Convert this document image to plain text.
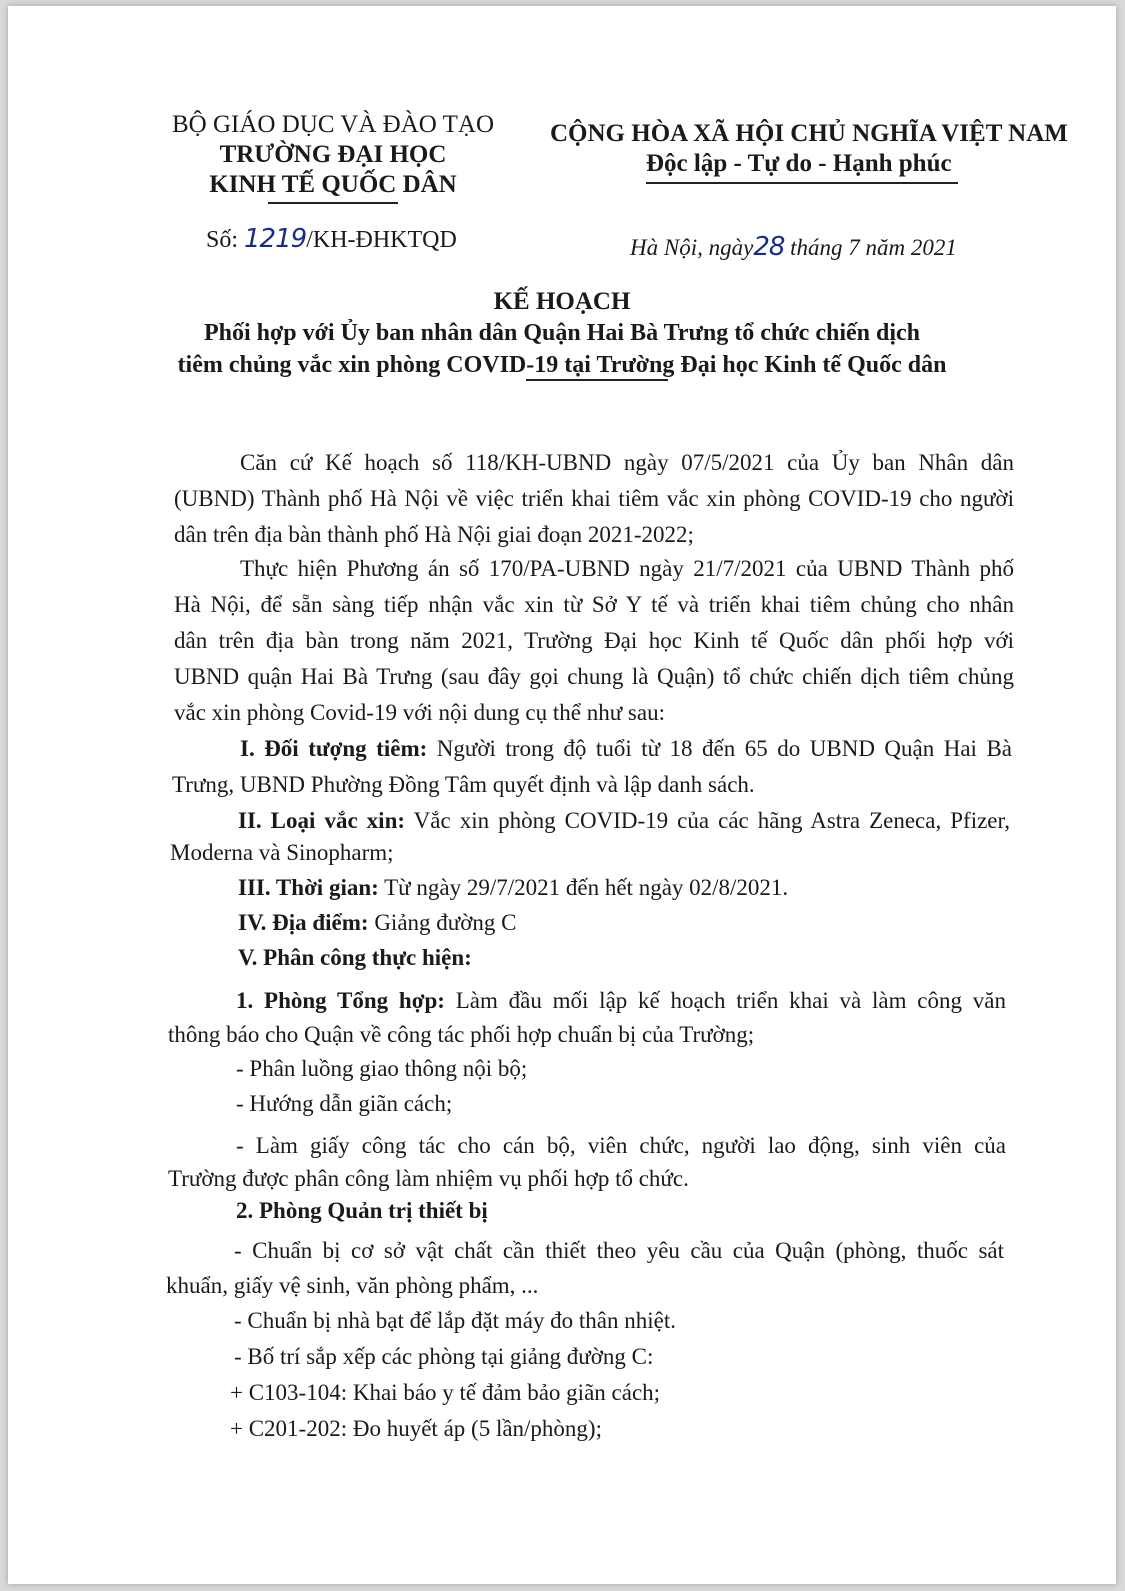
BỘ GIÁO DỤC VÀ ĐÀO TẠO
TRƯỜNG ĐẠI HỌC
KINH TẾ QUỐC DÂN
CỘNG HÒA XÃ HỘI CHỦ NGHĨA VIỆT NAM
Độc lập - Tự do - Hạnh phúc
Số: 1219/KH-ĐHKTQD	Hà Nội, ngày28 tháng 7 năm 2021
KẾ HOẠCH
Phối hợp với Ủy ban nhân dân Quận Hai Bà Trưng tổ chức chiến dịch
tiêm chủng vắc xin phòng COVID-19 tại Trường Đại học Kinh tế Quốc dân
Căn cứ Kế hoạch số 118/KH-UBND ngày 07/5/2021 của Ủy ban Nhân dân
(UBND) Thành phố Hà Nội về việc triển khai tiêm vắc xin phòng COVID-19 cho người
dân trên địa bàn thành phố Hà Nội giai đoạn 2021-2022;
Thực hiện Phương án số 170/PA-UBND ngày 21/7/2021 của UBND Thành phố
Hà Nội, để sẵn sàng tiếp nhận vắc xin từ Sở Y tế và triển khai tiêm chủng cho nhân
dân trên địa bàn trong năm 2021, Trường Đại học Kinh tế Quốc dân phối hợp với
UBND quận Hai Bà Trưng (sau đây gọi chung là Quận) tổ chức chiến dịch tiêm chủng
vắc xin phòng Covid-19 với nội dung cụ thể như sau:
I. Đối tượng tiêm: Người trong độ tuổi từ 18 đến 65 do UBND Quận Hai Bà
Trưng, UBND Phường Đồng Tâm quyết định và lập danh sách.
II. Loại vắc xin: Vắc xin phòng COVID-19 của các hãng Astra Zeneca, Pfizer,
Moderna và Sinopharm;
III. Thời gian: Từ ngày 29/7/2021 đến hết ngày 02/8/2021.
IV. Địa điểm: Giảng đường C
V. Phân công thực hiện:
1. Phòng Tổng hợp: Làm đầu mối lập kế hoạch triển khai và làm công văn
thông báo cho Quận về công tác phối hợp chuẩn bị của Trường;
- Phân luồng giao thông nội bộ;
- Hướng dẫn giãn cách;
- Làm giấy công tác cho cán bộ, viên chức, người lao động, sinh viên của
Trường được phân công làm nhiệm vụ phối hợp tổ chức.
2. Phòng Quản trị thiết bị
- Chuẩn bị cơ sở vật chất cần thiết theo yêu cầu của Quận (phòng, thuốc sát
khuẩn, giấy vệ sinh, văn phòng phẩm, ...
- Chuẩn bị nhà bạt để lắp đặt máy đo thân nhiệt.
- Bố trí sắp xếp các phòng tại giảng đường C:
+ C103-104: Khai báo y tế đảm bảo giãn cách;
+ C201-202: Đo huyết áp (5 lần/phòng);
